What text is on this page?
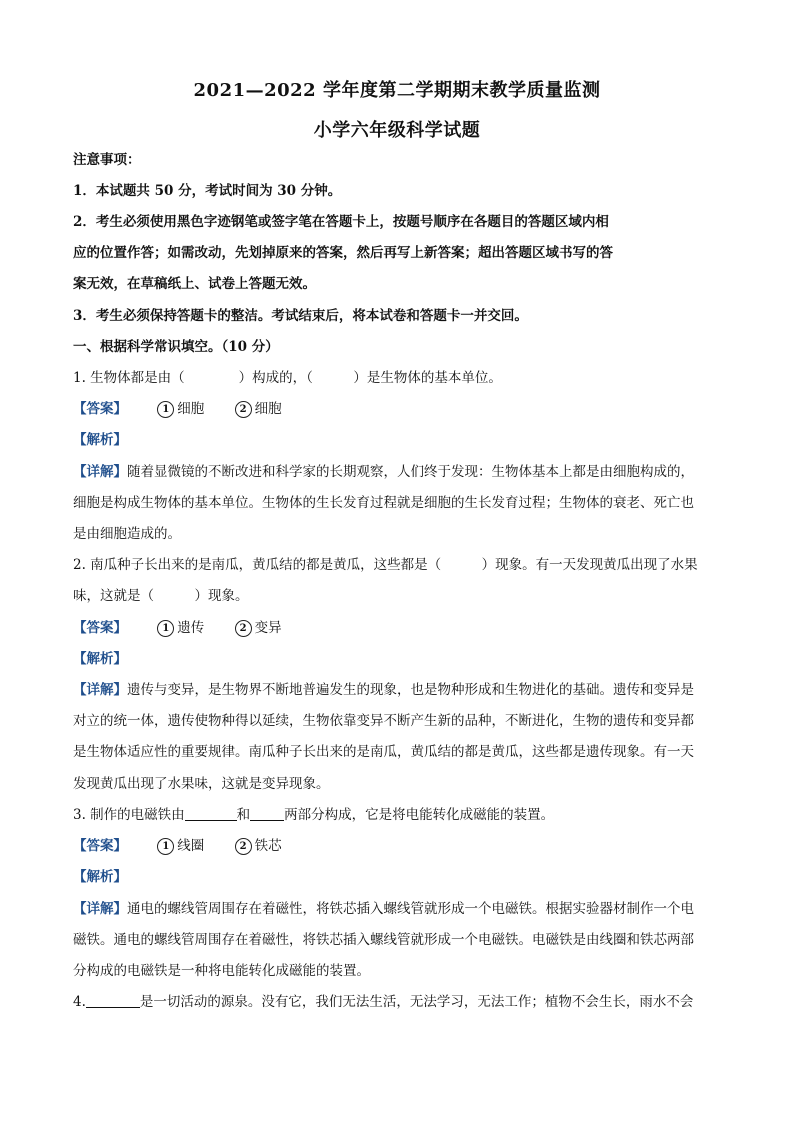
2021—2022 学年度第二学期期末教学质量监测
小学六年级科学试题
注意事项：
1．本试题共 50 分，考试时间为 30 分钟。
2．考生必须使用黑色字迹钢笔或签字笔在答题卡上，按题号顺序在各题目的答题区域内相
应的位置作答；如需改动，先划掉原来的答案，然后再写上新答案；超出答题区域书写的答
案无效，在草稿纸上、试卷上答题无效。
3．考生必须保持答题卡的整洁。考试结束后，将本试卷和答题卡一并交回。
一、根据科学常识填空。（10 分）
1. 生物体都是由（　　　　）构成的，（　　　）是生物体的基本单位。
【答案】	1 细胞	2 细胞
【解析】
【详解】随着显微镜的不断改进和科学家的长期观察，人们终于发现：生物体基本上都是由细胞构成的，
细胞是构成生物体的基本单位。生物体的生长发育过程就是细胞的生长发育过程；生物体的衰老、死亡也
是由细胞造成的。
2. 南瓜种子长出来的是南瓜，黄瓜结的都是黄瓜，这些都是（　　　）现象。有一天发现黄瓜出现了水果
味，这就是（　　　）现象。
【答案】	1 遗传	2 变异
【解析】
【详解】遗传与变异，是生物界不断地普遍发生的现象，也是物种形成和生物进化的基础。遗传和变异是
对立的统一体，遗传使物种得以延续，生物依靠变异不断产生新的品种，不断进化，生物的遗传和变异都
是生物体适应性的重要规律。南瓜种子长出来的是南瓜，黄瓜结的都是黄瓜，这些都是遗传现象。有一天
发现黄瓜出现了水果味，这就是变异现象。
3. 制作的电磁铁由	和	两部分构成，它是将电能转化成磁能的装置。
【答案】	1 线圈	2 铁芯
【解析】
【详解】通电的螺线管周围存在着磁性，将铁芯插入螺线管就形成一个电磁铁。根据实验器材制作一个电
磁铁。通电的螺线管周围存在着磁性，将铁芯插入螺线管就形成一个电磁铁。电磁铁是由线圈和铁芯两部
分构成的电磁铁是一种将电能转化成磁能的装置。
4.	是一切活动的源泉。没有它，我们无法生活，无法学习，无法工作；植物不会生长，雨水不会
